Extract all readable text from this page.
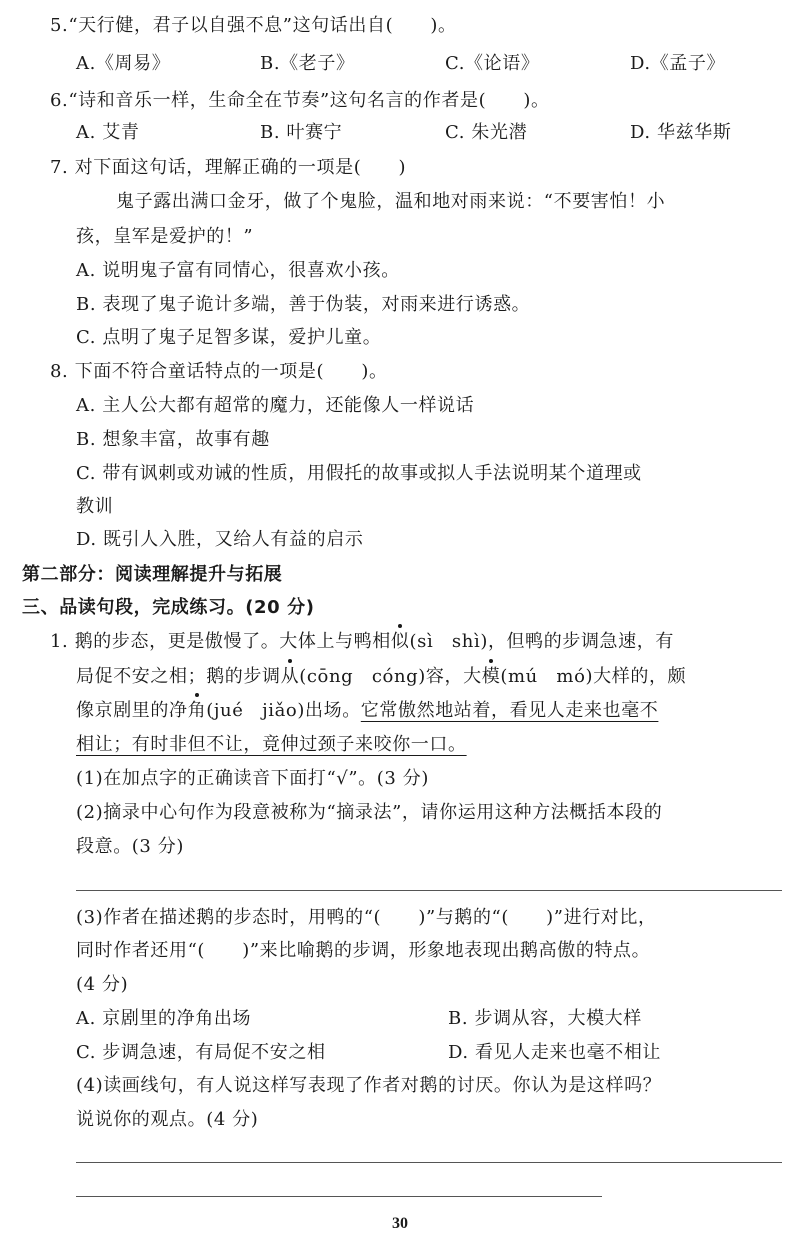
5.“天行健，君子以自强不息”这句话出自(　　)。
A.《周易》	B.《老子》	C.《论语》	D.《孟子》
6.“诗和音乐一样，生命全在节奏”这句名言的作者是(　　)。
A. 艾青	B. 叶赛宁	C. 朱光潜	D. 华兹华斯
7. 对下面这句话，理解正确的一项是(　　)
鬼子露出满口金牙，做了个鬼脸，温和地对雨来说：“不要害怕！小
孩，皇军是爱护的！”
A. 说明鬼子富有同情心，很喜欢小孩。
B. 表现了鬼子诡计多端，善于伪装，对雨来进行诱惑。
C. 点明了鬼子足智多谋，爱护儿童。
8. 下面不符合童话特点的一项是(　　)。
A. 主人公大都有超常的魔力，还能像人一样说话
B. 想象丰富，故事有趣
C. 带有讽刺或劝诫的性质，用假托的故事或拟人手法说明某个道理或
教训
D. 既引人入胜，又给人有益的启示
第二部分：阅读理解提升与拓展
三、品读句段，完成练习。(20 分)
1. 鹅的步态，更是傲慢了。大体上与鸭相似(sì　shì)，但鸭的步调急速，有
局促不安之相；鹅的步调从(cōng　cóng)容，大模(mú　mó)大样的，颇
像京剧里的净角(jué　jiǎo)出场。它常傲然地站着，看见人走来也毫不
相让；有时非但不让，竟伸过颈子来咬你一口。
(1)在加点字的正确读音下面打“√”。(3 分)
(2)摘录中心句作为段意被称为“摘录法”，请你运用这种方法概括本段的
段意。(3 分)
(3)作者在描述鹅的步态时，用鸭的“(　　)”与鹅的“(　　)”进行对比，
同时作者还用“(　　)”来比喻鹅的步调，形象地表现出鹅高傲的特点。
(4 分)
A. 京剧里的净角出场	B. 步调从容，大模大样
C. 步调急速，有局促不安之相	D. 看见人走来也毫不相让
(4)读画线句，有人说这样写表现了作者对鹅的讨厌。你认为是这样吗？
说说你的观点。(4 分)
30
